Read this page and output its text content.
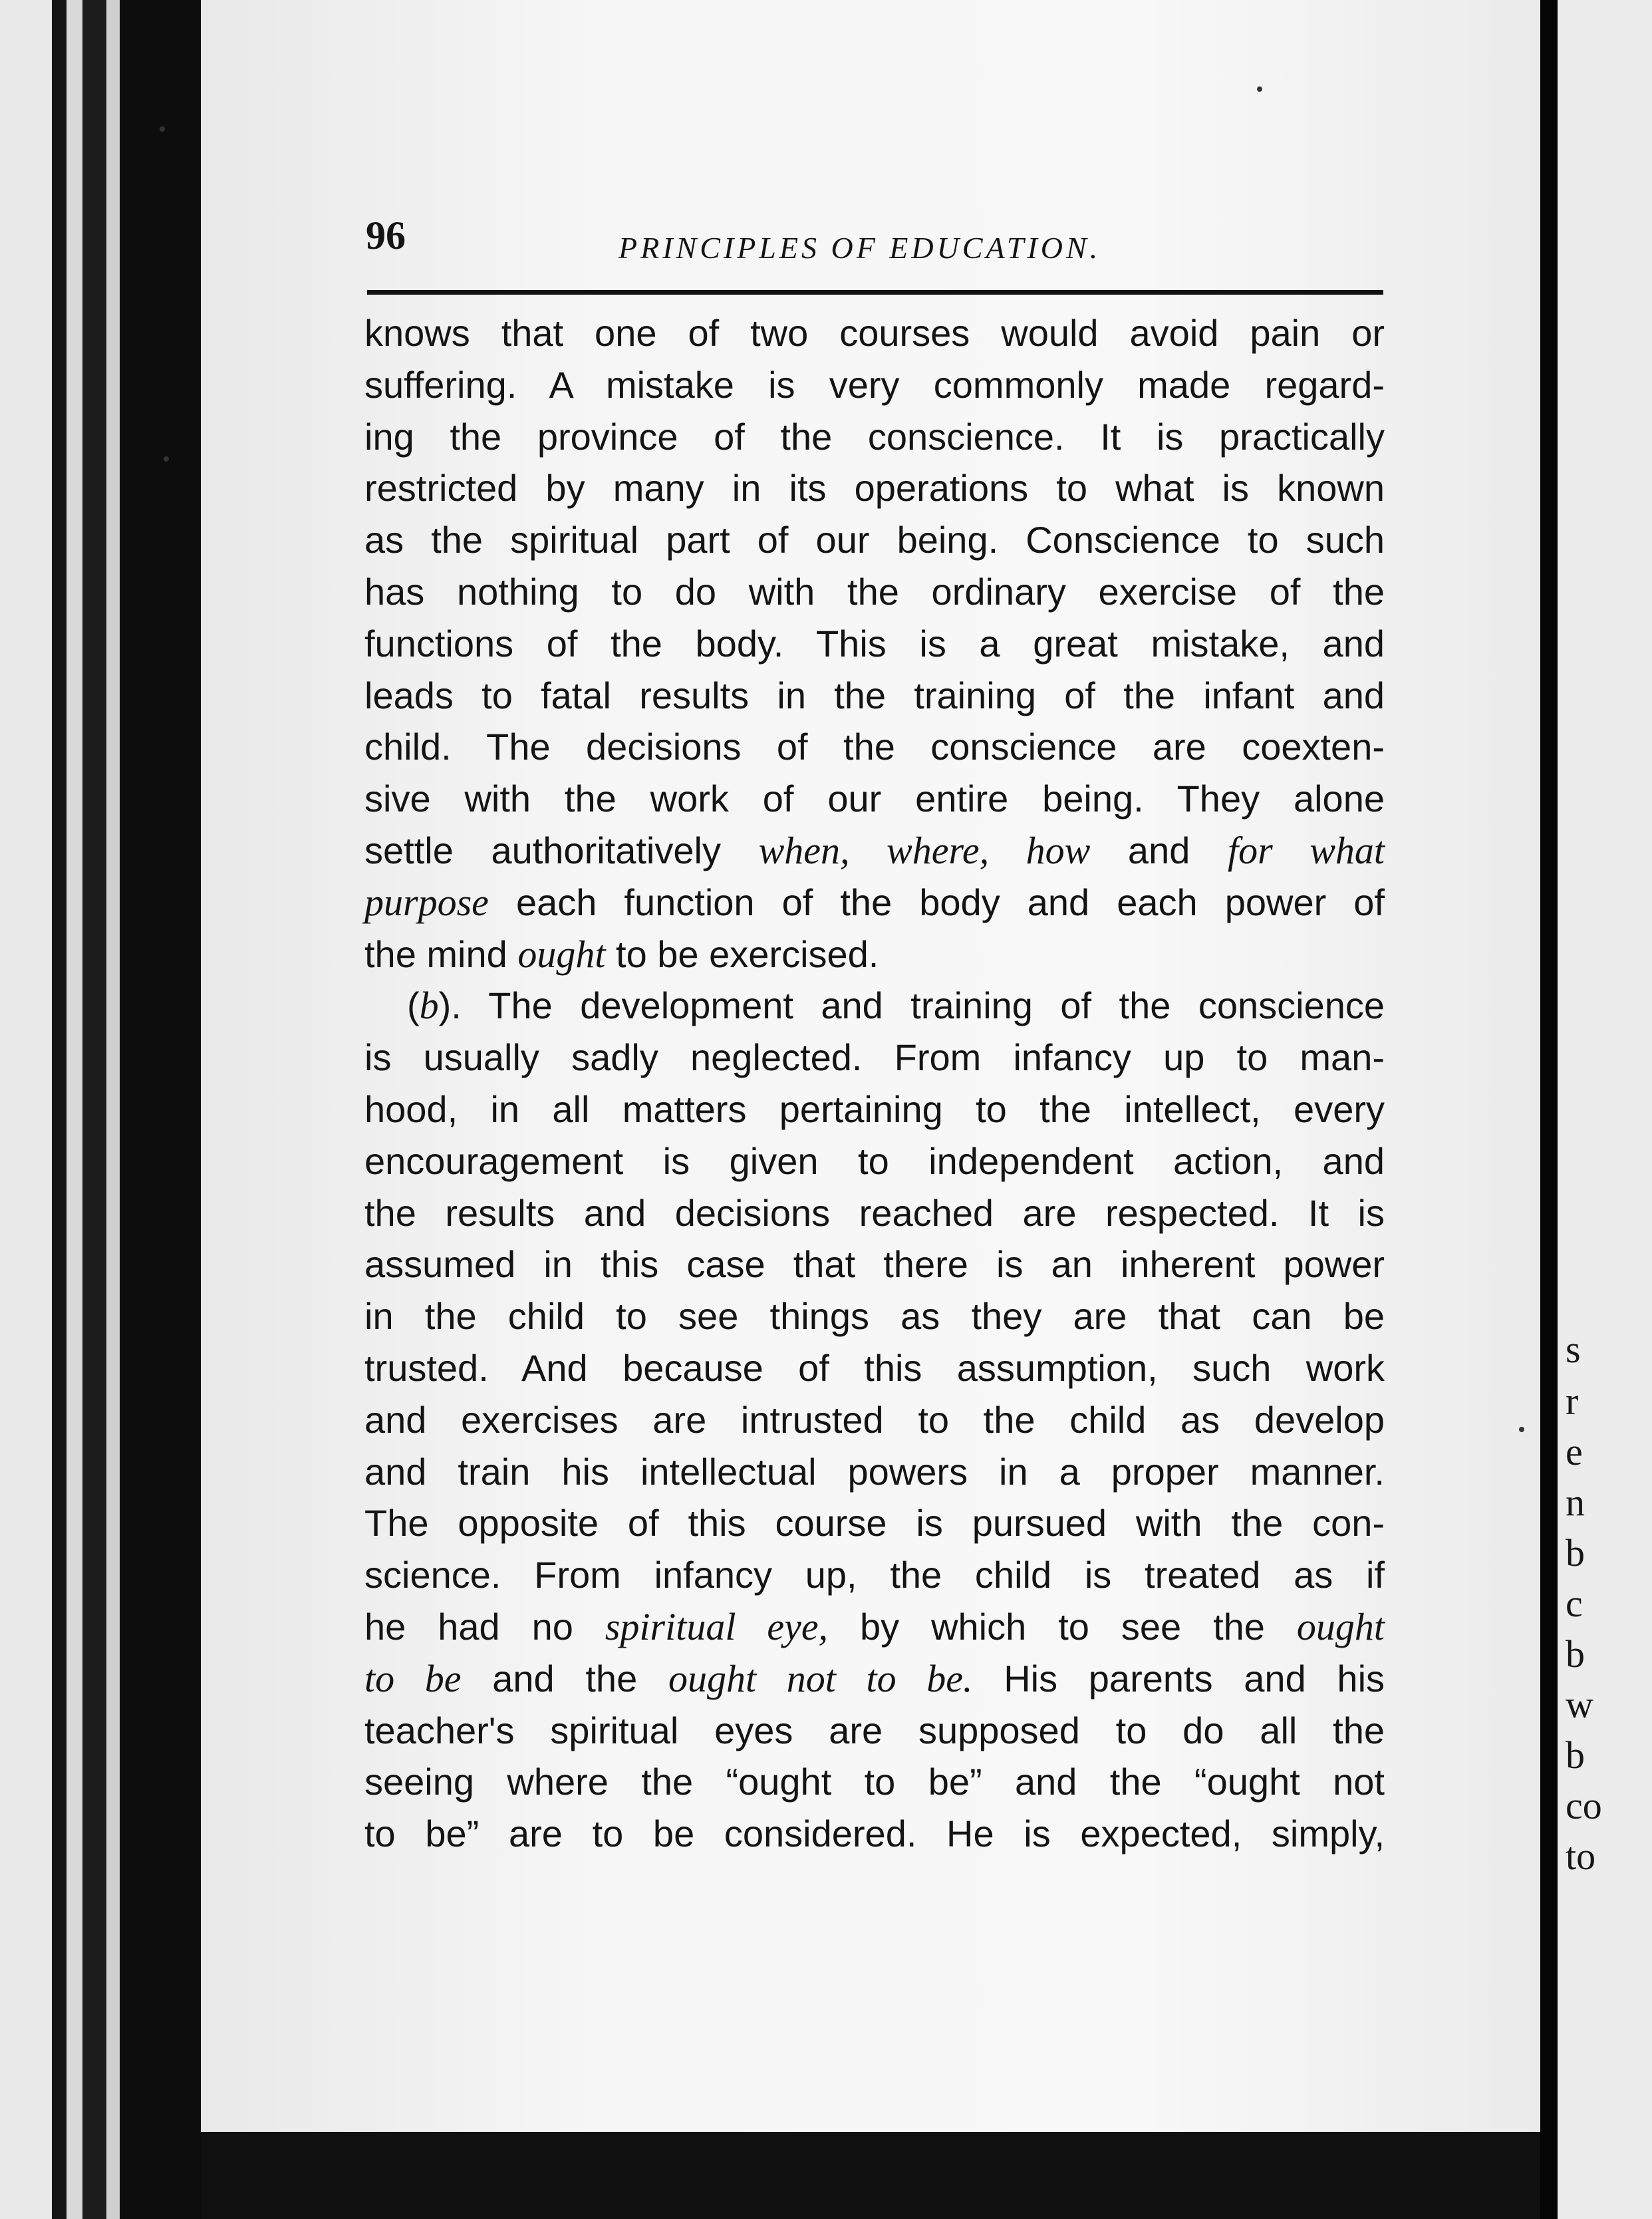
96	PRINCIPLES OF EDUCATION.
knows that one of two courses would avoid pain or
suffering. A mistake is very commonly made regard-
ing the province of the conscience. It is practically
restricted by many in its operations to what is known
as the spiritual part of our being. Conscience to such
has nothing to do with the ordinary exercise of the
functions of the body. This is a great mistake, and
leads to fatal results in the training of the infant and
child. The decisions of the conscience are coexten-
sive with the work of our entire being. They alone
settle authoritatively when, where, how and for what
purpose each function of the body and each power of
the mind ought to be exercised.
(b). The development and training of the conscience
is usually sadly neglected. From infancy up to man-
hood, in all matters pertaining to the intellect, every
encouragement is given to independent action, and
the results and decisions reached are respected. It is
assumed in this case that there is an inherent power
in the child to see things as they are that can be
trusted. And because of this assumption, such work
and exercises are intrusted to the child as develop
and train his intellectual powers in a proper manner.
The opposite of this course is pursued with the con-
science. From infancy up, the child is treated as if
he had no spiritual eye, by which to see the ought
to be and the ought not to be. His parents and his
teacher's spiritual eyes are supposed to do all the
seeing where the “ought to be” and the “ought not
to be” are to be considered. He is expected, simply,
s
r
e
n
b
c
b
w
b
co
to
